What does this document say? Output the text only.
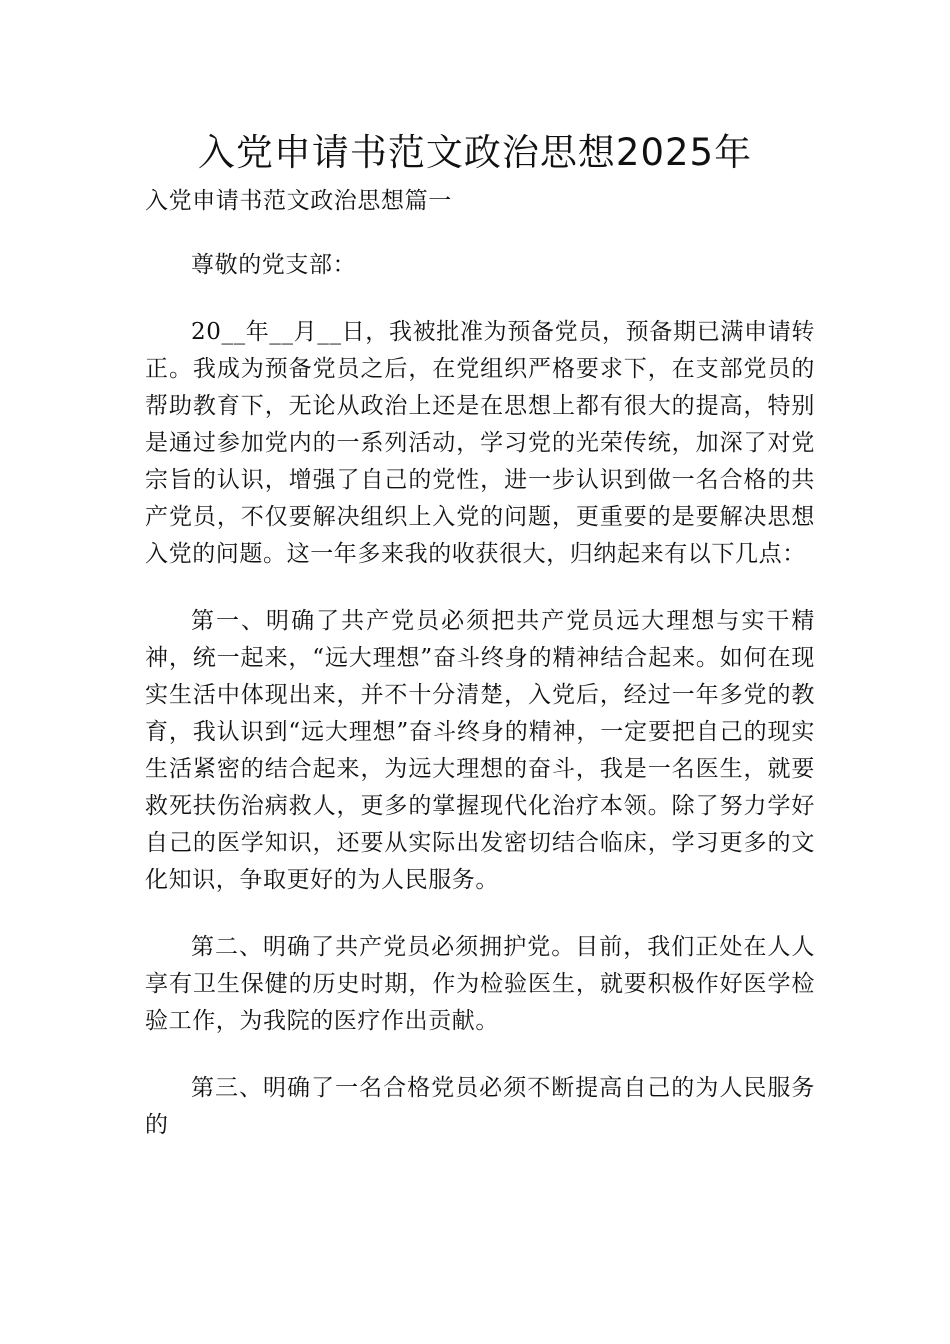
入党申请书范文政治思想2025年

入党申请书范文政治思想篇一

尊敬的党支部：

20__年__月__日，我被批准为预备党员，预备期已满申请转正。我成为预备党员之后，在党组织严格要求下，在支部党员的帮助教育下，无论从政治上还是在思想上都有很大的提高，特别是通过参加党内的一系列活动，学习党的光荣传统，加深了对党宗旨的认识，增强了自己的党性，进一步认识到做一名合格的共产党员，不仅要解决组织上入党的问题，更重要的是要解决思想入党的问题。这一年多来我的收获很大，归纳起来有以下几点：

第一、明确了共产党员必须把共产党员远大理想与实干精神，统一起来，“远大理想”奋斗终身的精神结合起来。如何在现实生活中体现出来，并不十分清楚，入党后，经过一年多党的教育，我认识到“远大理想”奋斗终身的精神，一定要把自己的现实生活紧密的结合起来，为远大理想的奋斗，我是一名医生，就要救死扶伤治病救人，更多的掌握现代化治疗本领。除了努力学好自己的医学知识，还要从实际出发密切结合临床，学习更多的文化知识，争取更好的为人民服务。

第二、明确了共产党员必须拥护党。目前，我们正处在人人享有卫生保健的历史时期，作为检验医生，就要积极作好医学检验工作，为我院的医疗作出贡献。

第三、明确了一名合格党员必须不断提高自己的为人民服务的
